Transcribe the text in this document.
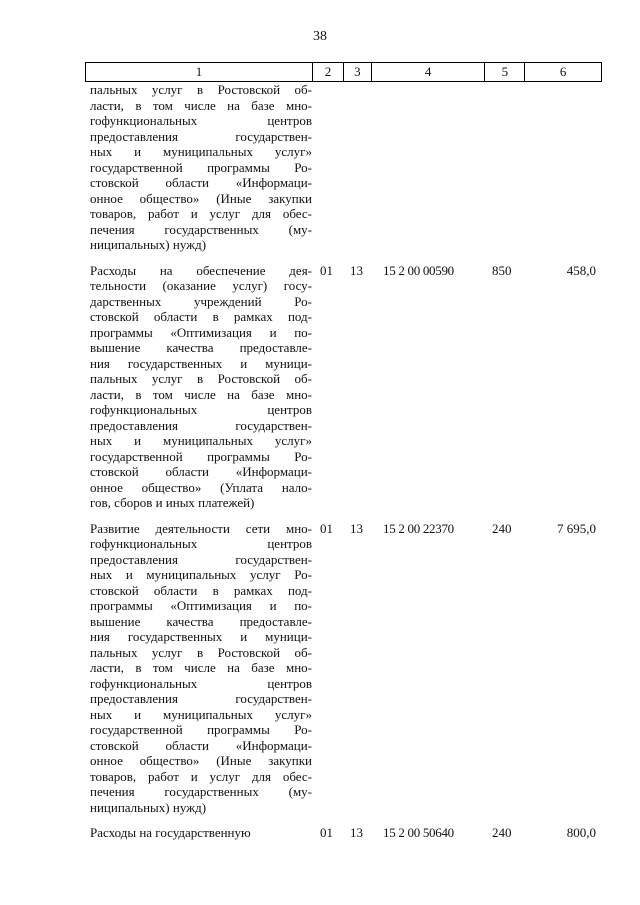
38
1	2	3	4	5	6
пальных услуг в Ростовской об-
ласти, в том числе на базе мно-
гофункциональных центров
предоставления государствен-
ных и муниципальных услуг»
государственной программы Ро-
стовской области «Информаци-
онное общество» (Иные закупки
товаров, работ и услуг для обес-
печения государственных (му-
ниципальных) нужд)
Расходы на обеспечение дея-
тельности (оказание услуг) госу-
дарственных учреждений Ро-
стовской области в рамках под-
программы «Оптимизация и по-
вышение качества предоставле-
ния государственных и муници-
пальных услуг в Ростовской об-
ласти, в том числе на базе мно-
гофункциональных центров
предоставления государствен-
ных и муниципальных услуг»
государственной программы Ро-
стовской области «Информаци-
онное общество» (Уплата нало-
гов, сборов и иных платежей)
01	13	15 2 00 00590	850	458,0
Развитие деятельности сети мно-
гофункциональных центров
предоставления государствен-
ных и муниципальных услуг Ро-
стовской области в рамках под-
программы «Оптимизация и по-
вышение качества предоставле-
ния государственных и муници-
пальных услуг в Ростовской об-
ласти, в том числе на базе мно-
гофункциональных центров
предоставления государствен-
ных и муниципальных услуг»
государственной программы Ро-
стовской области «Информаци-
онное общество» (Иные закупки
товаров, работ и услуг для обес-
печения государственных (му-
ниципальных) нужд)
01	13	15 2 00 22370	240	7 695,0
Расходы на государственную	01	13	15 2 00 50640	240	800,0
